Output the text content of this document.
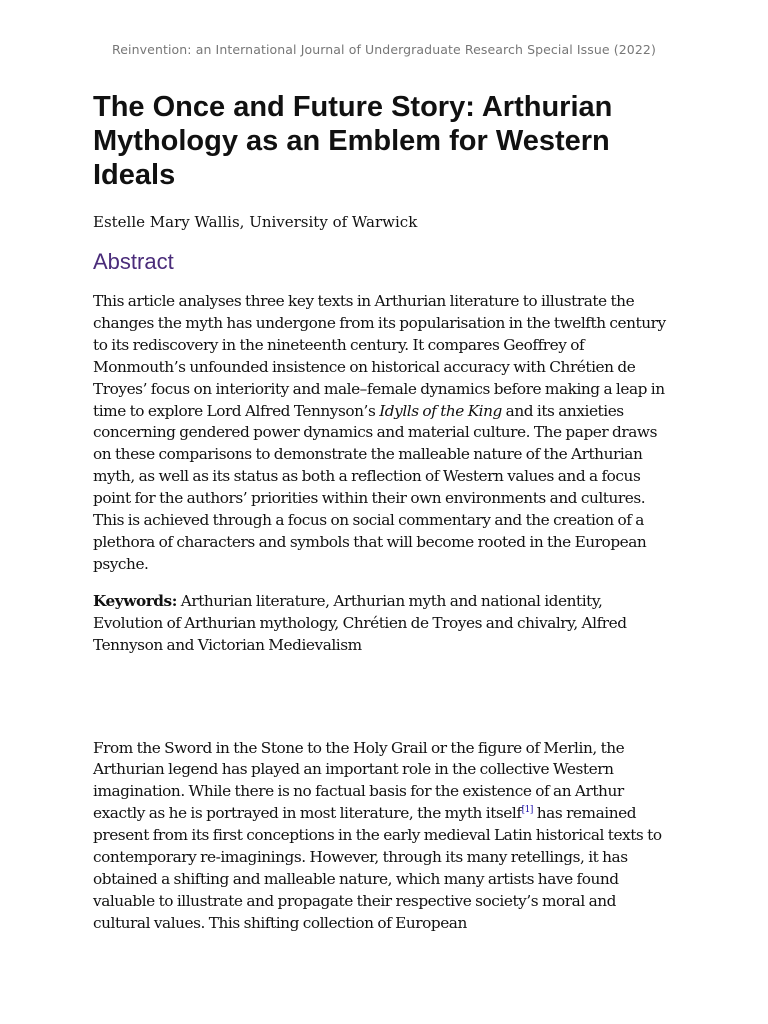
Reinvention: an International Journal of Undergraduate Research Special Issue (2022)
The Once and Future Story: Arthurian Mythology as an Emblem for Western Ideals
Estelle Mary Wallis, University of Warwick
Abstract
This article analyses three key texts in Arthurian literature to illustrate the changes the myth has undergone from its popularisation in the twelfth century to its rediscovery in the nineteenth century. It compares Geoffrey of Monmouth’s unfounded insistence on historical accuracy with Chrétien de Troyes’ focus on interiority and male–female dynamics before making a leap in time to explore Lord Alfred Tennyson’s Idylls of the King and its anxieties concerning gendered power dynamics and material culture. The paper draws on these comparisons to demonstrate the malleable nature of the Arthurian myth, as well as its status as both a reflection of Western values and a focus point for the authors’ priorities within their own environments and cultures. This is achieved through a focus on social commentary and the creation of a plethora of characters and symbols that will become rooted in the European psyche.
Keywords: Arthurian literature, Arthurian myth and national identity, Evolution of Arthurian mythology, Chrétien de Troyes and chivalry, Alfred Tennyson and Victorian Medievalism
From the Sword in the Stone to the Holy Grail or the figure of Merlin, the Arthurian legend has played an important role in the collective Western imagination. While there is no factual basis for the existence of an Arthur exactly as he is portrayed in most literature, the myth itself[1] has remained present from its first conceptions in the early medieval Latin historical texts to contemporary re-imaginings. However, through its many retellings, it has obtained a shifting and malleable nature, which many artists have found valuable to illustrate and propagate their respective society’s moral and cultural values. This shifting collection of European
